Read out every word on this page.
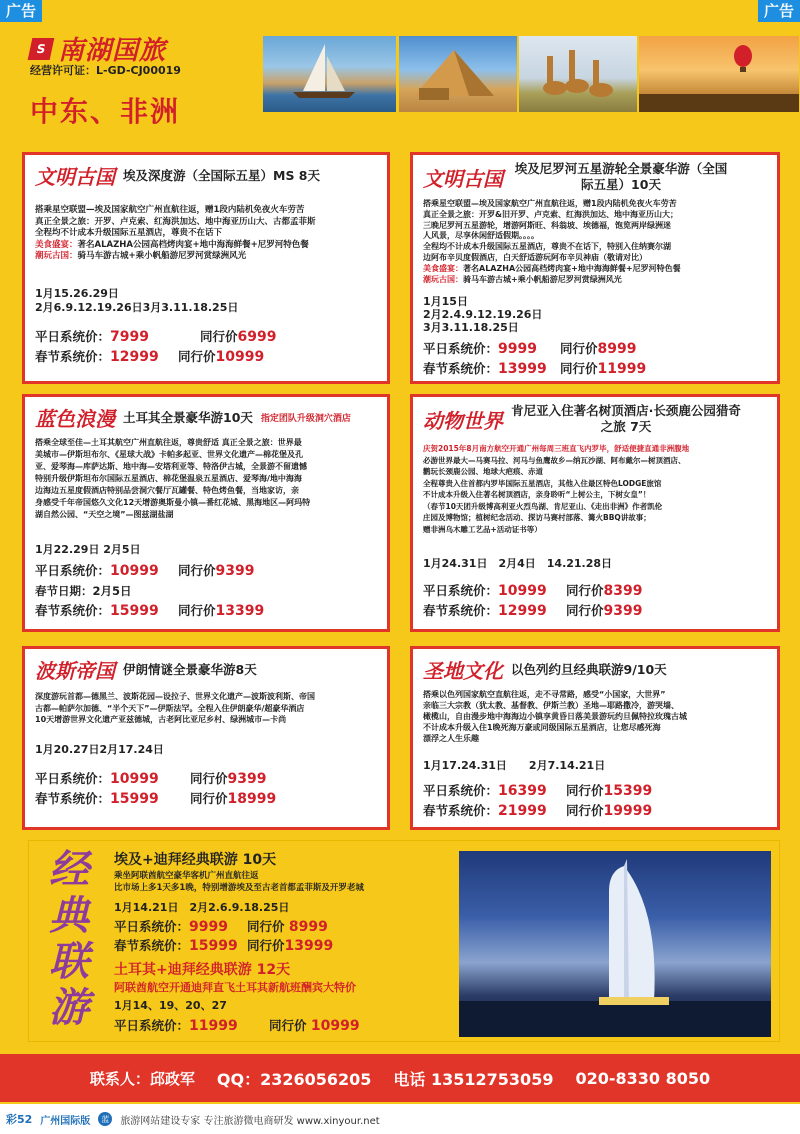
广告	广告
S 南湖国旅
经营许可证：L-GD-CJ00019
中东、非洲
文明古国 埃及深度游（全国际五星）MS 8天
搭乘星空联盟—埃及国家航空广州直航往返，赠1段内陆机免夜火车劳苦
真正全景之旅：开罗、卢克索、红海洪加达、地中海亚历山大、古都孟菲斯
全程均不计成本升级国际五星酒店，尊贵不在话下
美食盛宴：著名ALAZHA公园高档烤肉宴+地中海海鲜餐+尼罗河特色餐
潮玩古国：骑马车游古城+乘小帆船游尼罗河赏绿洲风光
1月15.26.29日
2月6.9.12.19.26日3月3.11.18.25日
平日系统价：7999	同行价6999
春节系统价：12999 同行价10999
文明古国 埃及尼罗河五星游轮全景豪华游（全国际五星）10天
搭乘星空联盟—埃及国家航空广州直航往返，赠1段内陆机免夜火车劳苦
真正全景之旅：开罗&旧开罗、卢克索、红海洪加达、地中海亚历山大；
三晚尼罗河五星游轮，增游阿斯旺、科翁坡、埃德福，饱览两岸绿洲迷
人风景，尽享休闲舒适假期。。。。
全程均不计成本升级国际五星酒店，尊贵不在话下，特别入住纳赛尔湖
边阿布辛贝度假酒店，白天舒适游玩阿布辛贝神庙（敬请对比）
美食盛宴：著名ALAZHA公园高档烤肉宴+地中海海鲜餐+尼罗河特色餐
潮玩古国：骑马车游古城+乘小帆船游尼罗河赏绿洲风光
1月15日
2月2.4.9.12.19.26日
3月3.11.18.25日
平日系统价：9999 同行价8999
春节系统价：13999 同行价11999
蓝色浪漫 土耳其全景豪华游10天 指定团队升级洞穴酒店
搭乘全球至佳—土耳其航空广州直航往返，尊贵舒适 真正全景之旅：世界最
美城市—伊斯坦布尔、《星球大战》卡帕多起亚、世界文化遗产—棉花堡及孔
亚、爱琴海—库萨达斯、地中海—安塔利亚等、特洛伊古城，全景游不留遗憾
特别升级伊斯坦布尔国际五星酒店、棉花堡温泉五星酒店、爱琴海/地中海海
边海边五星度假酒店特别品尝洞穴餐厅瓦罐餐、特色烤鱼餐，当地家访，亲
身感受千年帝国悠久文化12天增游奥斯曼小镇—番红花城、黑海地区—阿玛特
湖自然公园、“天空之境”—图兹湖盐湖
1月22.29日 2月5日
平日系统价：10999 同行价9399
春节日期：2月5日
春节系统价：15999 同行价13399
动物世界 肯尼亚入住著名树顶酒店·长颈鹿公园猎奇之旅 7天
庆贺2015年8月南方航空开通广州每周三班直飞内罗毕，舒适便捷直通非洲腹地
必游世界最大—马赛马拉、河马与鱼鹰故乡—纳瓦沙湖、阿布戴尔—树顶酒店、
鹳玩长颈鹿公园、地球大疤痕、赤道
全程尊贵入住首都内罗毕国际五星酒店，其他入住最区特色LODGE旅馆
不计成本升级入住著名树顶酒店，亲身聆听“上树公主，下树女皇”！
（春节10天团升级博高利亚火烈鸟湖、肯尼亚山、《走出非洲》作者凯伦
庄园及博物馆；植树纪念活动、探访马赛村部落、篝火BBQ讲故事；
赠非洲乌木雕工艺品+活动证书等）
1月24.31日　2月4日　14.21.28日
平日系统价：10999 同行价8399
春节系统价：12999 同行价9399
波斯帝国 伊朗情谜全景豪华游8天
深度游玩首都—德黑兰、波斯花园—设拉子、世界文化遗产—波斯波利斯、帝国
古都—帕萨尔加德、“半个天下”—伊斯法罕。全程入住伊朗豪华/超豪华酒店
10天增游世界文化遗产亚兹德城，古老阿比亚尼乡村、绿洲城市—卡尚
1月20.27日2月17.24日
平日系统价：10999	同行价9399
春节系统价：15999	同行价18999
圣地文化 以色列约旦经典联游9/10天
搭乘以色列国家航空直航往返，走不寻常路，感受“小国家，大世界”
亲临三大宗教（犹太教、基督教、伊斯兰教）圣地—耶路撒冷，游哭墙、
橄榄山，自由漫步地中海海边小镇享黄昏日落美景游玩约旦佩特拉玫瑰古城
不计成本升级入住1晚死海万豪或同级国际五星酒店，让您尽感死海
漂浮之人生乐趣
1月17.24.31日　　2月7.14.21日
平日系统价：16399 同行价15399
春节系统价：21999 同行价19999
经
典
联
游
埃及+迪拜经典联游 10天
乘坐阿联酋航空豪华客机广州直航往返
比市场上多1天多1晚，特别增游埃及至古老首都孟菲斯及开罗老城
1月14.21日　2月2.6.9.18.25日
平日系统价：9999 同行价 8999
春节系统价：15999 同行价13999
土耳其+迪拜经典联游 12天
阿联酋航空开通迪拜直飞土耳其新航班酬宾大特价
1月14、19、20、27
平日系统价：11999	同行价 10999
联系人：邱政军 QQ：2326056205 电话 13512753059 020-8330 8050
彩52 广州国际版	蓝	旅游网站建设专家 专注旅游微电商研发 www.xinyour.net
